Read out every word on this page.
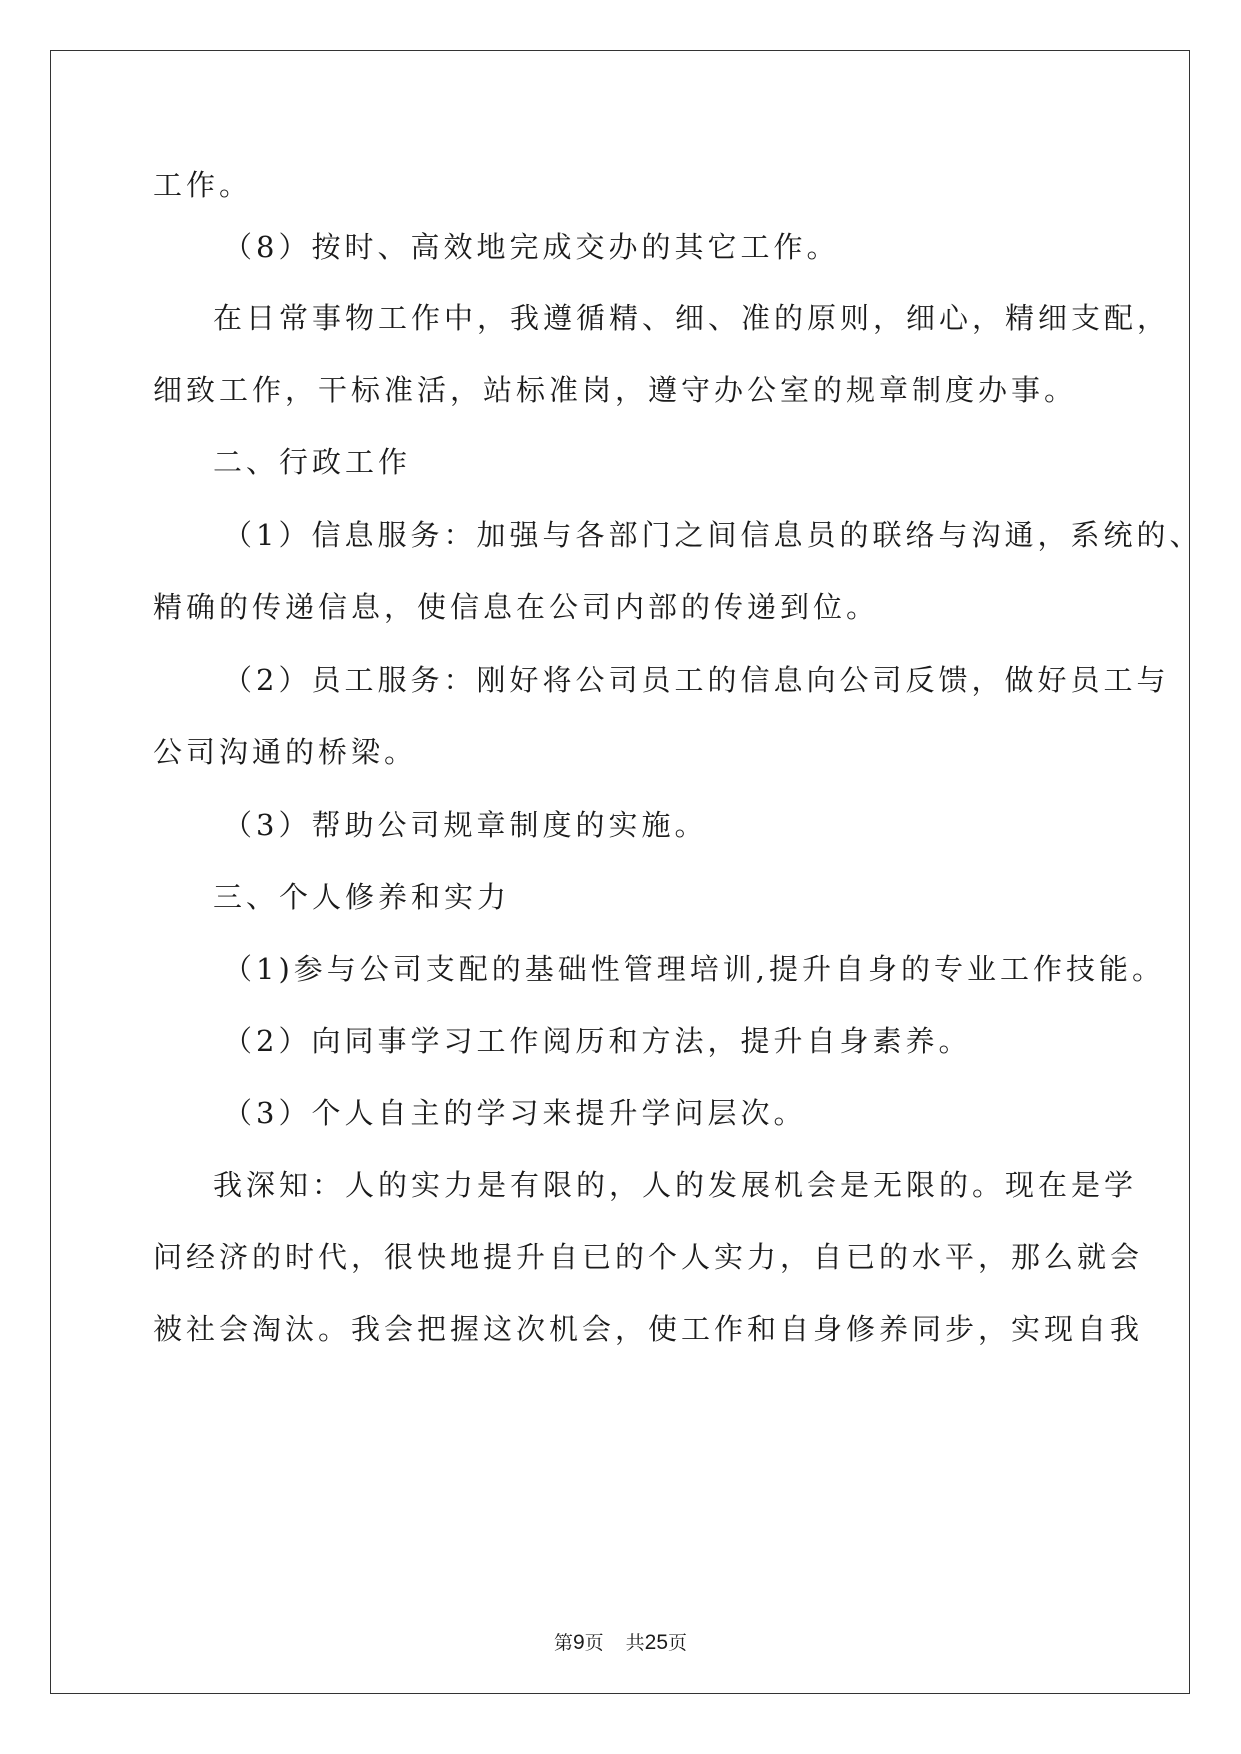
工作。
（8）按时、高效地完成交办的其它工作。
在日常事物工作中，我遵循精、细、准的原则，细心，精细支配，
细致工作，干标准活，站标准岗，遵守办公室的规章制度办事。
二、行政工作
（1）信息服务：加强与各部门之间信息员的联络与沟通，系统的、
精确的传递信息，使信息在公司内部的传递到位。
（2）员工服务：刚好将公司员工的信息向公司反馈，做好员工与
公司沟通的桥梁。
（3）帮助公司规章制度的实施。
三、个人修养和实力
（1)参与公司支配的基础性管理培训,提升自身的专业工作技能。
（2）向同事学习工作阅历和方法，提升自身素养。
（3）个人自主的学习来提升学问层次。
我深知：人的实力是有限的，人的发展机会是无限的。现在是学
问经济的时代，很快地提升自已的个人实力，自已的水平，那么就会
被社会淘汰。我会把握这次机会，使工作和自身修养同步，实现自我
第9页 共25页
